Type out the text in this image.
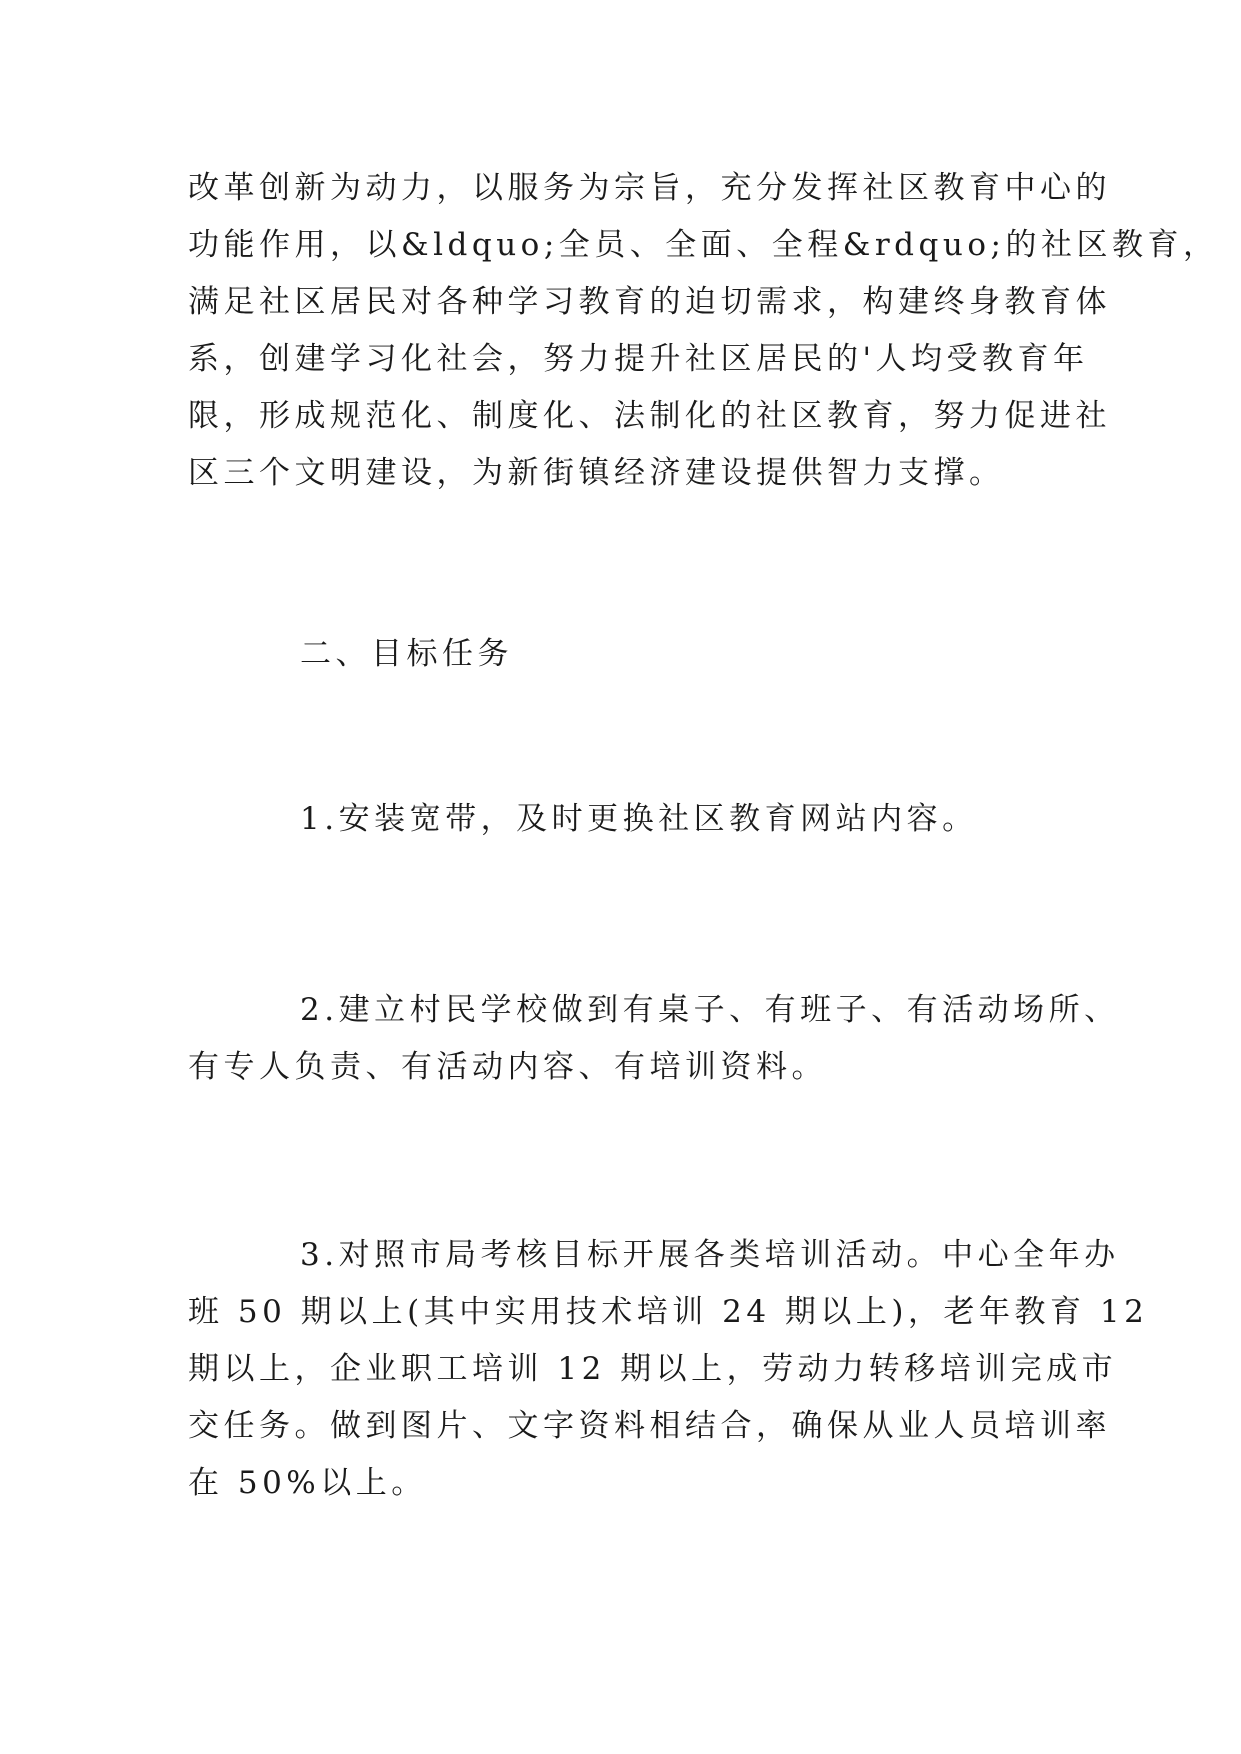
改革创新为动力，以服务为宗旨，充分发挥社区教育中心的
功能作用，以&ldquo;全员、全面、全程&rdquo;的社区教育，
满足社区居民对各种学习教育的迫切需求，构建终身教育体
系，创建学习化社会，努力提升社区居民的'人均受教育年
限，形成规范化、制度化、法制化的社区教育，努力促进社
区三个文明建设，为新街镇经济建设提供智力支撑。
二、目标任务
1.安装宽带，及时更换社区教育网站内容。
2.建立村民学校做到有桌子、有班子、有活动场所、
有专人负责、有活动内容、有培训资料。
3.对照市局考核目标开展各类培训活动。中心全年办
班 50 期以上(其中实用技术培训 24 期以上)，老年教育 12
期以上，企业职工培训 12 期以上，劳动力转移培训完成市
交任务。做到图片、文字资料相结合，确保从业人员培训率
在 50%以上。
